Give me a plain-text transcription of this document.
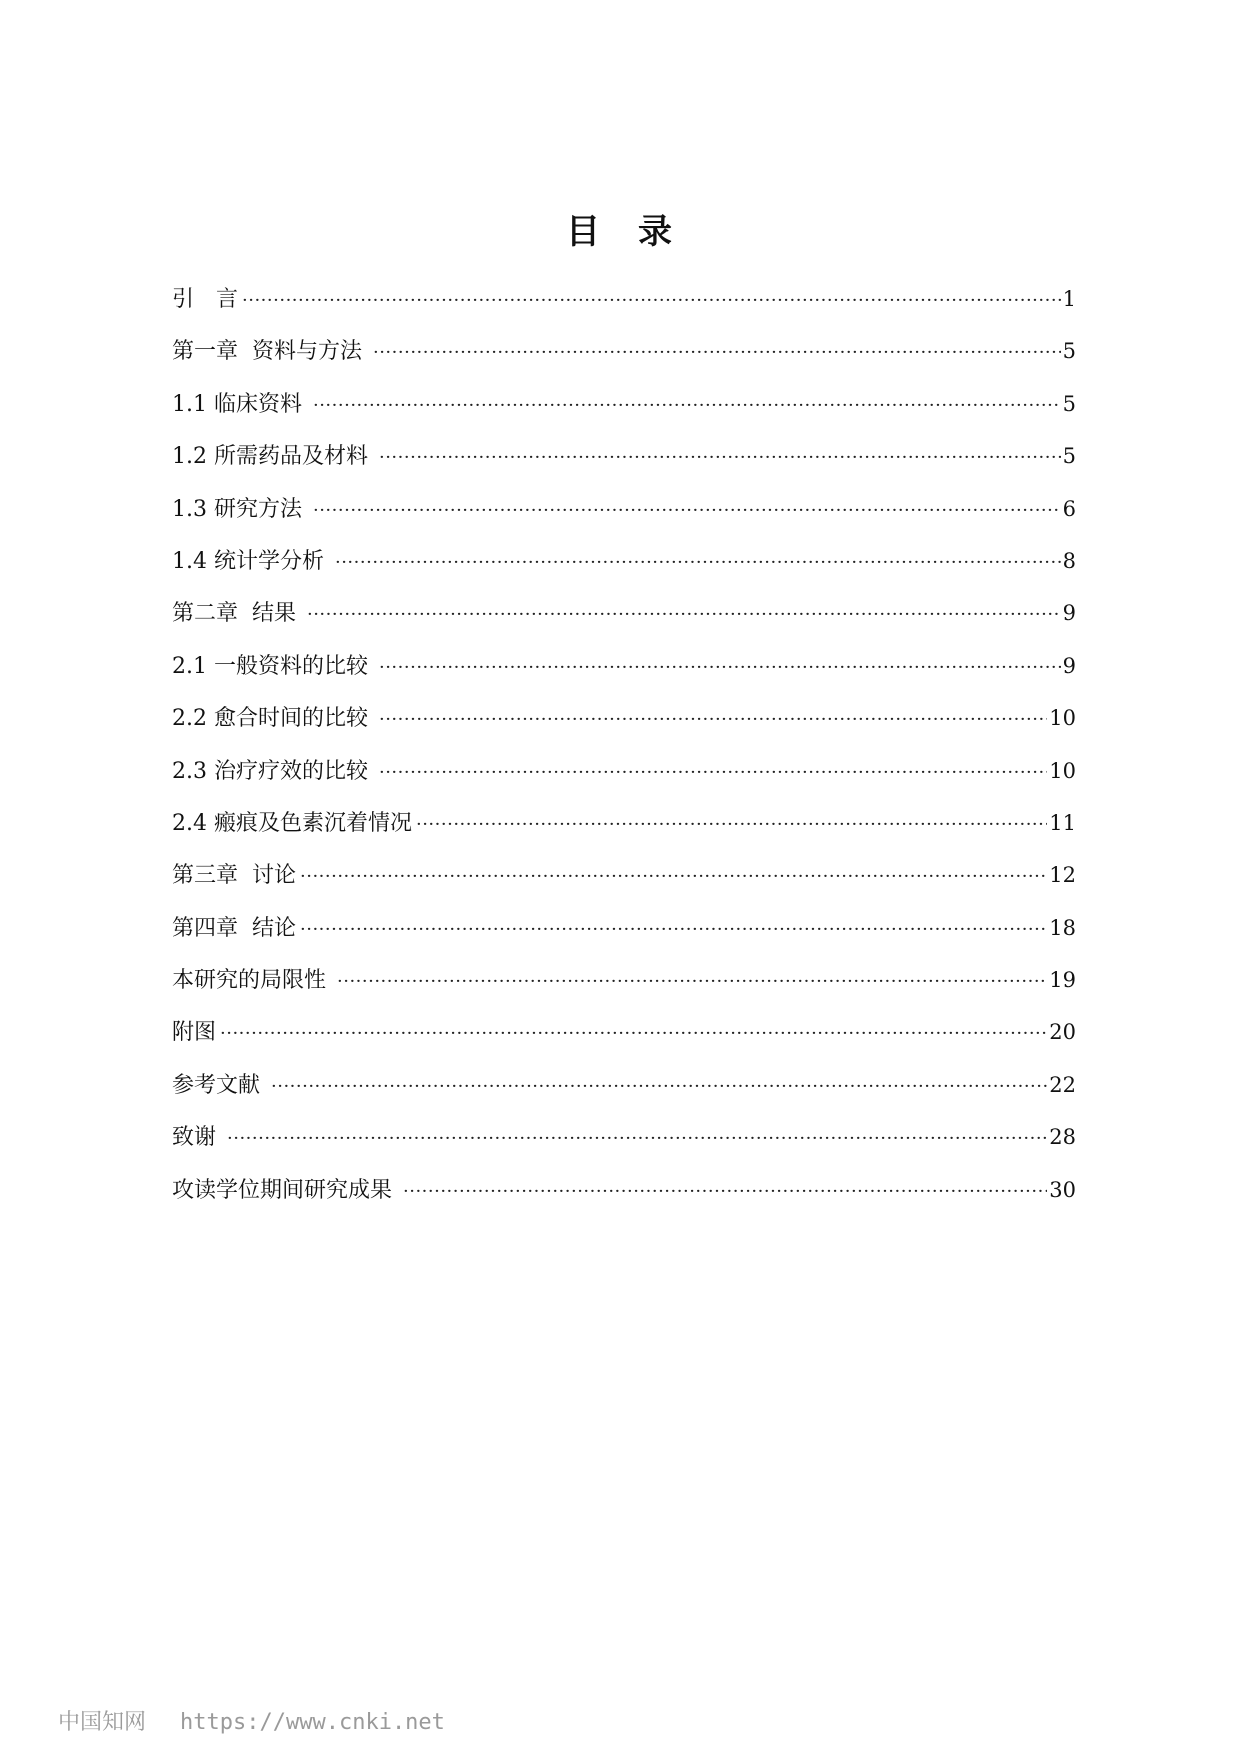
目 录
引　言 ·····	1
第一章  资料与方法 ·····	5
1.1 临床资料 ·····	5
1.2 所需药品及材料 ·····	5
1.3 研究方法 ·····	6
1.4 统计学分析 ·····	8
第二章  结果 ·····	9
2.1 一般资料的比较 ·····	9
2.2 愈合时间的比较 ·····	10
2.3 治疗疗效的比较 ·····	10
2.4 瘢痕及色素沉着情况 ·····	11
第三章  讨论 ·····	12
第四章  结论 ·····	18
本研究的局限性 ·····	19
附图 ·····	20
参考文献 ·····	22
致谢 ·····	28
攻读学位期间研究成果 ·····	30

中国知网 https://www.cnki.net
